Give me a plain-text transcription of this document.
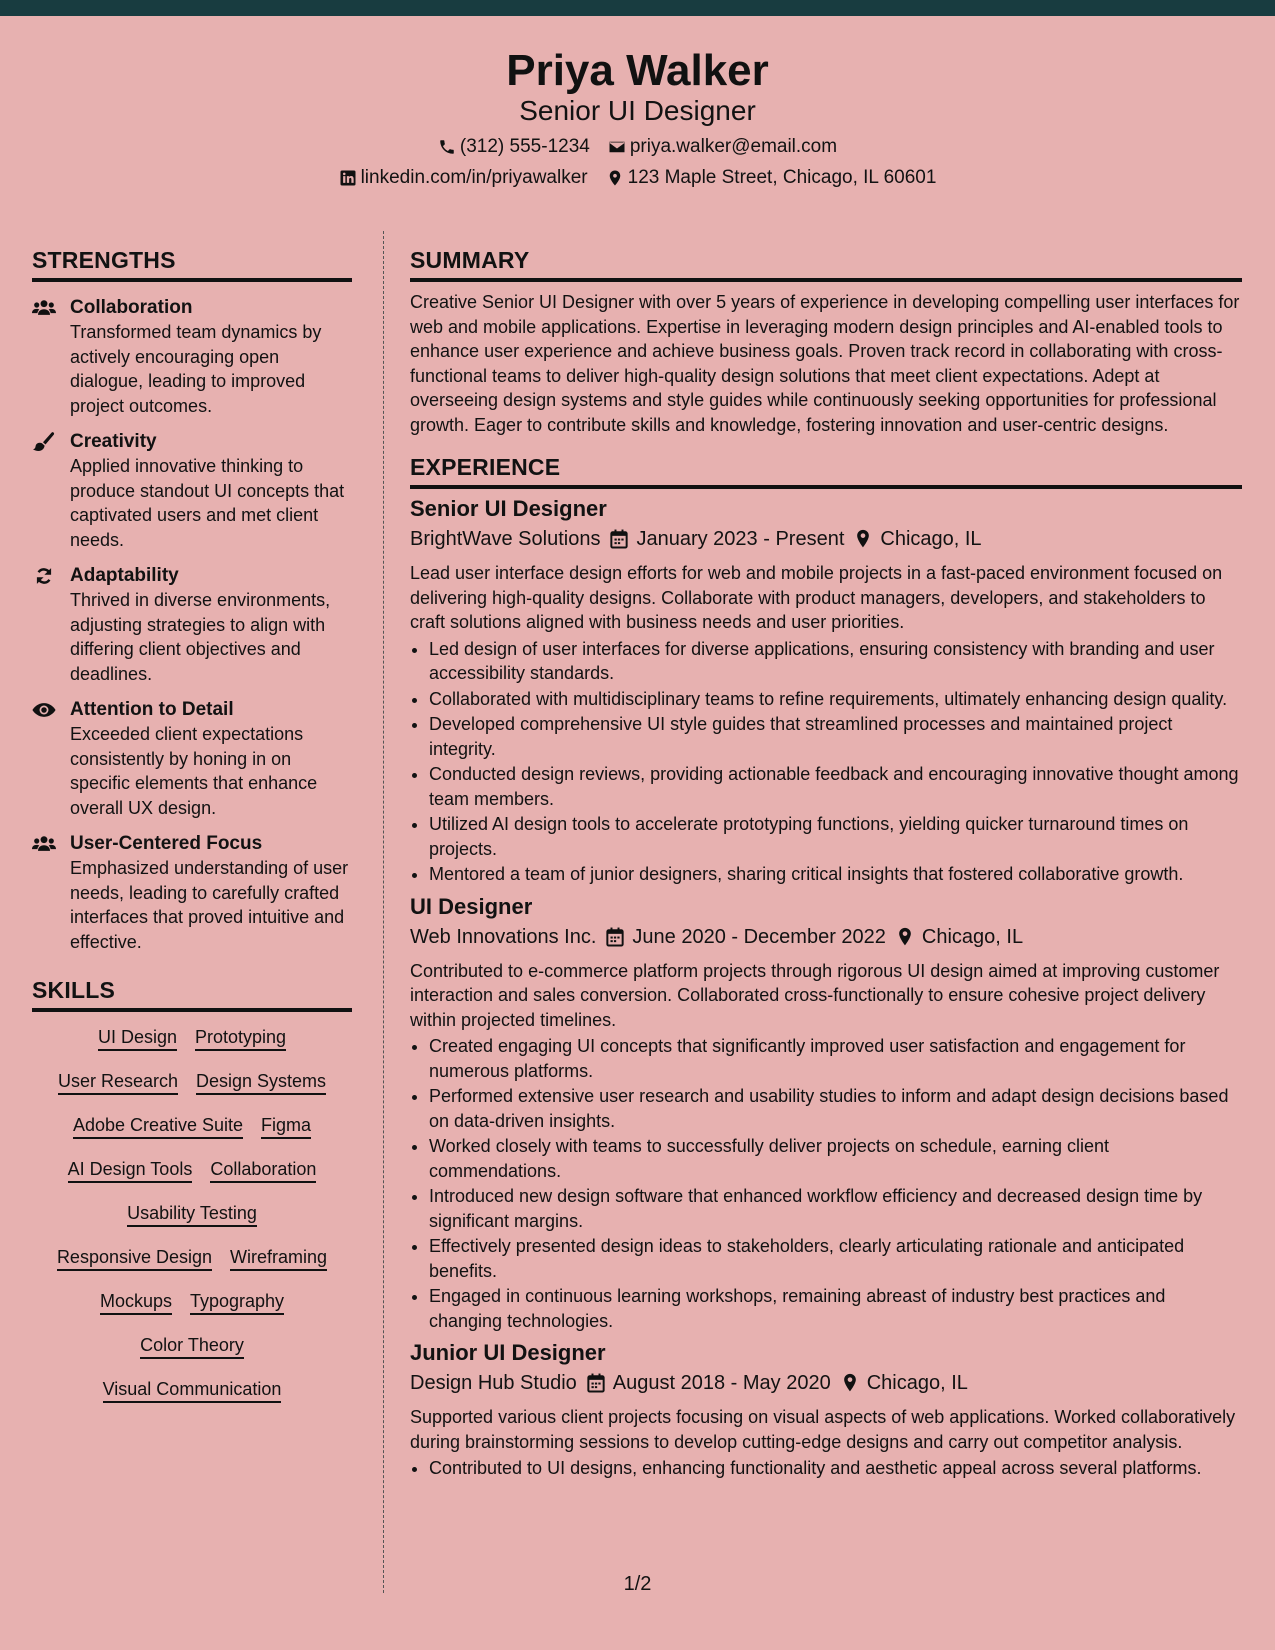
Priya Walker
Senior UI Designer
(312) 555-1234 priya.walker@email.com
linkedin.com/in/priyawalker 123 Maple Street, Chicago, IL 60601
STRENGTHS
Collaboration
Transformed team dynamics by actively encouraging open dialogue, leading to improved project outcomes.
Creativity
Applied innovative thinking to produce standout UI concepts that captivated users and met client needs.
Adaptability
Thrived in diverse environments, adjusting strategies to align with differing client objectives and deadlines.
Attention to Detail
Exceeded client expectations consistently by honing in on specific elements that enhance overall UX design.
User-Centered Focus
Emphasized understanding of user needs, leading to carefully crafted interfaces that proved intuitive and effective.
SKILLS
UI Design Prototyping
User Research Design Systems
Adobe Creative Suite Figma
AI Design Tools Collaboration
Usability Testing
Responsive Design Wireframing
Mockups Typography
Color Theory
Visual Communication
SUMMARY

Creative Senior UI Designer with over 5 years of experience in developing compelling user interfaces for web and mobile applications. Expertise in leveraging modern design principles and AI-enabled tools to enhance user experience and achieve business goals. Proven track record in collaborating with cross-functional teams to deliver high-quality design solutions that meet client expectations. Adept at overseeing design systems and style guides while continuously seeking opportunities for professional growth. Eager to contribute skills and knowledge, fostering innovation and user-centric designs.

EXPERIENCE
Senior UI Designer
BrightWave Solutions January 2023 - Present Chicago, IL

Lead user interface design efforts for web and mobile projects in a fast-paced environment focused on delivering high-quality designs. Collaborate with product managers, developers, and stakeholders to craft solutions aligned with business needs and user priorities.

• Led design of user interfaces for diverse applications, ensuring consistency with branding and user accessibility standards.
• Collaborated with multidisciplinary teams to refine requirements, ultimately enhancing design quality.
• Developed comprehensive UI style guides that streamlined processes and maintained project integrity.
• Conducted design reviews, providing actionable feedback and encouraging innovative thought among team members.
• Utilized AI design tools to accelerate prototyping functions, yielding quicker turnaround times on projects.
• Mentored a team of junior designers, sharing critical insights that fostered collaborative growth.
UI Designer
Web Innovations Inc. June 2020 - December 2022 Chicago, IL

Contributed to e-commerce platform projects through rigorous UI design aimed at improving customer interaction and sales conversion. Collaborated cross-functionally to ensure cohesive project delivery within projected timelines.

• Created engaging UI concepts that significantly improved user satisfaction and engagement for numerous platforms.
• Performed extensive user research and usability studies to inform and adapt design decisions based on data-driven insights.
• Worked closely with teams to successfully deliver projects on schedule, earning client commendations.
• Introduced new design software that enhanced workflow efficiency and decreased design time by significant margins.
• Effectively presented design ideas to stakeholders, clearly articulating rationale and anticipated benefits.
• Engaged in continuous learning workshops, remaining abreast of industry best practices and changing technologies.
Junior UI Designer
Design Hub Studio August 2018 - May 2020 Chicago, IL

Supported various client projects focusing on visual aspects of web applications. Worked collaboratively during brainstorming sessions to develop cutting-edge designs and carry out competitor analysis.

• Contributed to UI designs, enhancing functionality and aesthetic appeal across several platforms.
1/2
